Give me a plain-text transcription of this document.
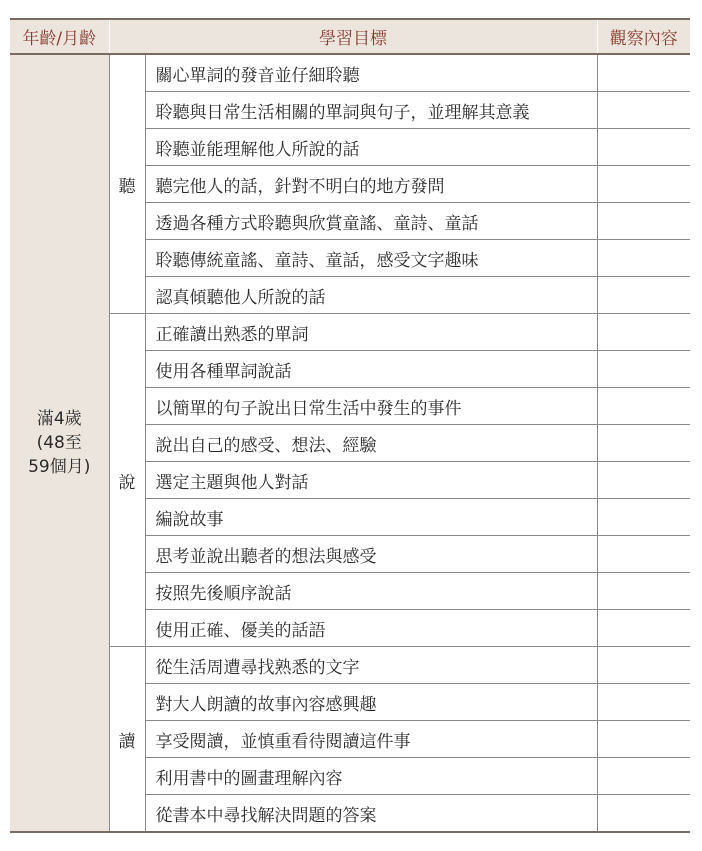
年齡/月齡	學習目標		觀察內容

滿4歲
(48至
59個月)	聽	關心單詞的發音並仔細聆聽	
		聆聽與日常生活相關的單詞與句子，並理解其意義	
		聆聽並能理解他人所說的話	
		聽完他人的話，針對不明白的地方發問	
		透過各種方式聆聽與欣賞童謠、童詩、童話	
		聆聽傳統童謠、童詩、童話，感受文字趣味	
		認真傾聽他人所說的話	
	說	正確讀出熟悉的單詞	
		使用各種單詞說話	
		以簡單的句子說出日常生活中發生的事件	
		說出自己的感受、想法、經驗	
		選定主題與他人對話	
		編說故事	
		思考並說出聽者的想法與感受	
		按照先後順序說話	
		使用正確、優美的話語	
	讀	從生活周遭尋找熟悉的文字	
		對大人朗讀的故事內容感興趣	
		享受閱讀，並慎重看待閱讀這件事	
		利用書中的圖畫理解內容	
		從書本中尋找解決問題的答案	
